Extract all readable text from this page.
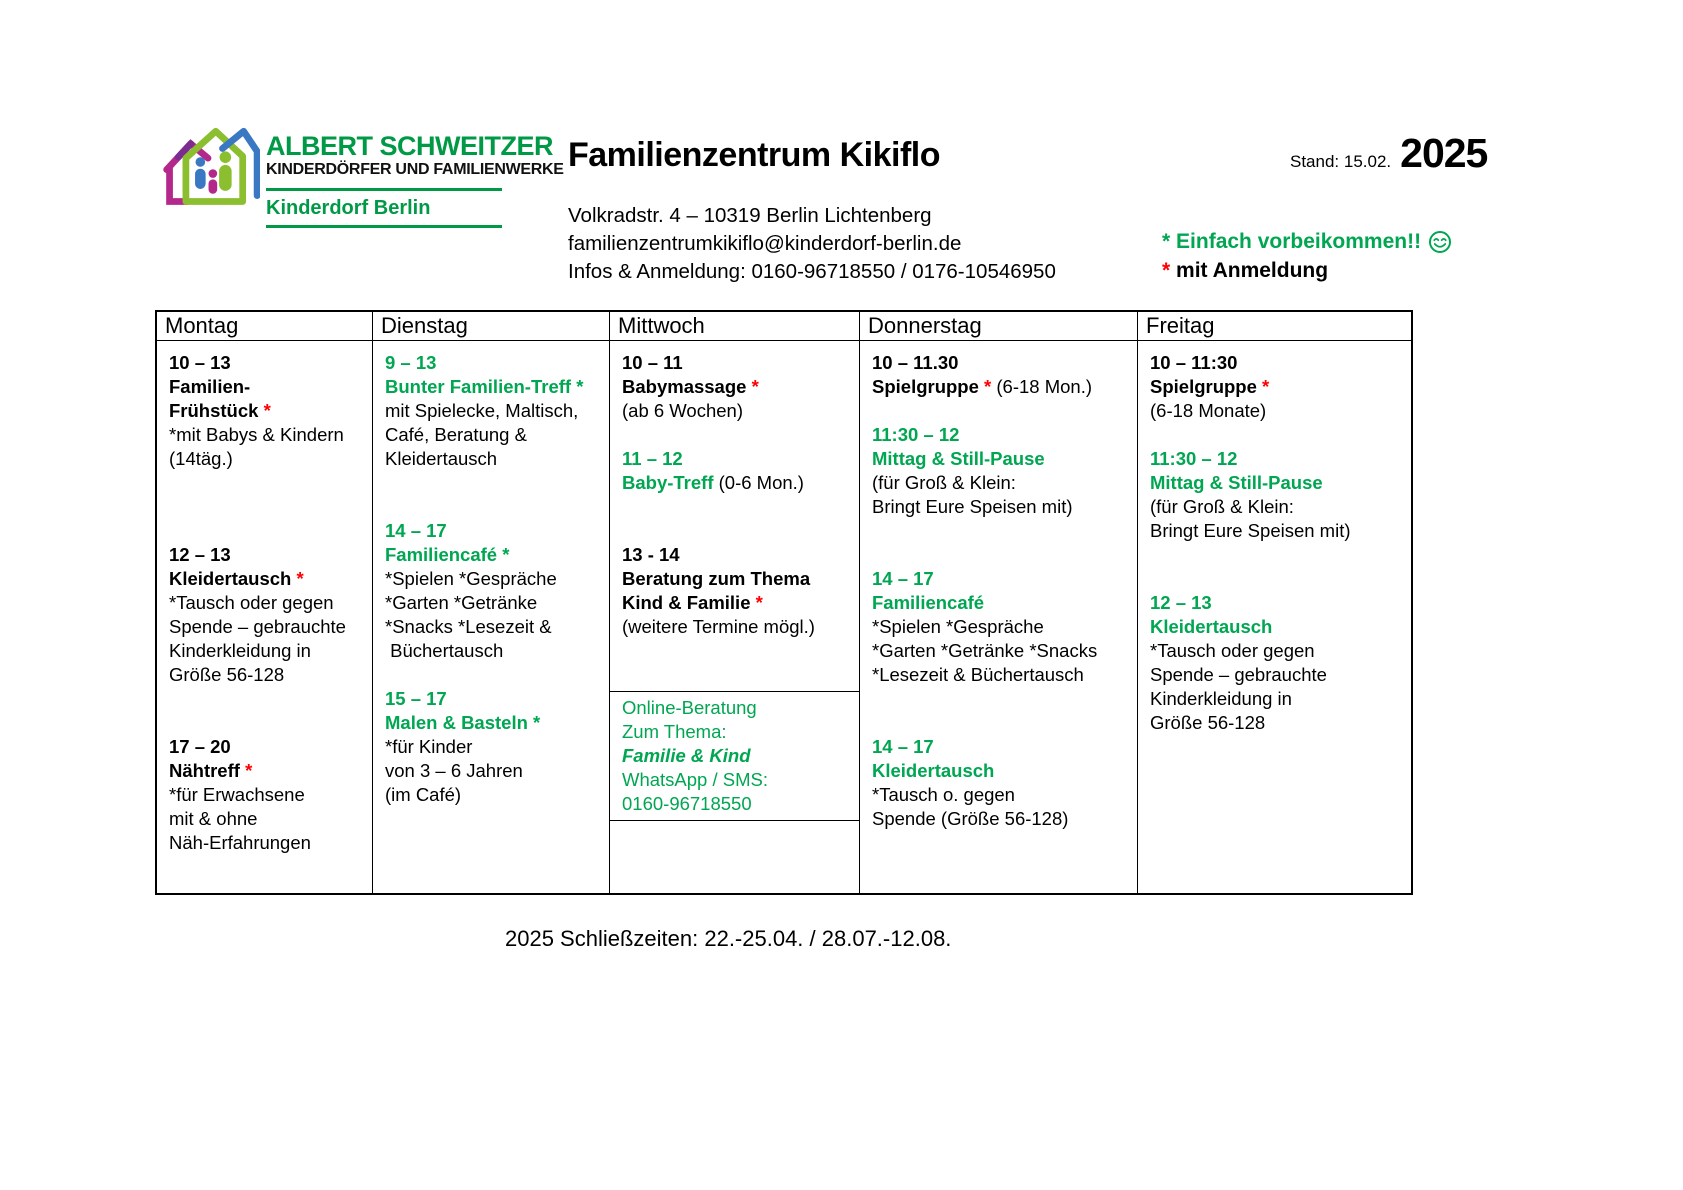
ALBERT SCHWEITZER
KINDERDÖRFER UND FAMILIENWERKE
Kinderdorf Berlin
Familienzentrum Kikiflo	Stand: 15.02. 2025
Volkradstr. 4 – 10319 Berlin Lichtenberg
familienzentrumkikiflo@kinderdorf-berlin.de
Infos & Anmeldung: 0160-96718550 / 0176-10546950
*
Einfach vorbeikommen! !
*
mit Anmeldung
Montag
10 – 13
Familien-
Frühstück *
*mit Babys & Kindern
(14täg.)

12 – 13
Kleidertausch *
*Tausch oder gegen
Spende – gebrauchte
Kinderkleidung in
Größe 56-128

17 – 20
Nähtreff *
*für Erwachsene
mit & ohne
Näh-Erfahrungen
Dienstag
9 – 13
Bunter Familien-Treff *
mit Spielecke, Maltisch,
Café, Beratung &
Kleidertausch

14 – 17
Familiencafé *
*Spielen *Gespräche
*Garten *Getränke
*Snacks *Lesezeit &
Büchertausch

15 – 17
Malen & Basteln *
*für Kinder
von 3 – 6 Jahren
(im Café)
Mittwoch
10 – 11
Babymassage *
(ab 6 Wochen)

11 – 12
Baby-Treff (0-6 Mon.)

13 - 14
Beratung zum Thema
Kind & Familie *
(weitere Termine mögl.)

Online-Beratung
Zum Thema:
Familie & Kind
WhatsApp / SMS:
0160-96718550
Donnerstag
10 – 11.30
Spielgruppe * (6-18 Mon.)

11:30 – 12
Mittag & Still-Pause
(für Groß & Klein:
Bringt Eure Speisen mit)

14 – 17
Familiencafé
*Spielen *Gespräche
*Garten *Getränke *Snacks
*Lesezeit & Büchertausch

14 – 17
Kleidertausch
*Tausch o. gegen
Spende (Größe 56-128)
Freitag
10 – 11:30
Spielgruppe *
(6-18 Monate)

11:30 – 12
Mittag & Still-Pause
(für Groß & Klein:
Bringt Eure Speisen mit)

12 – 13
Kleidertausch
*Tausch oder gegen
Spende – gebrauchte
Kinderkleidung in
Größe 56-128
2025 Schließzeiten: 22.-25.04. / 28.07.-12.08.
